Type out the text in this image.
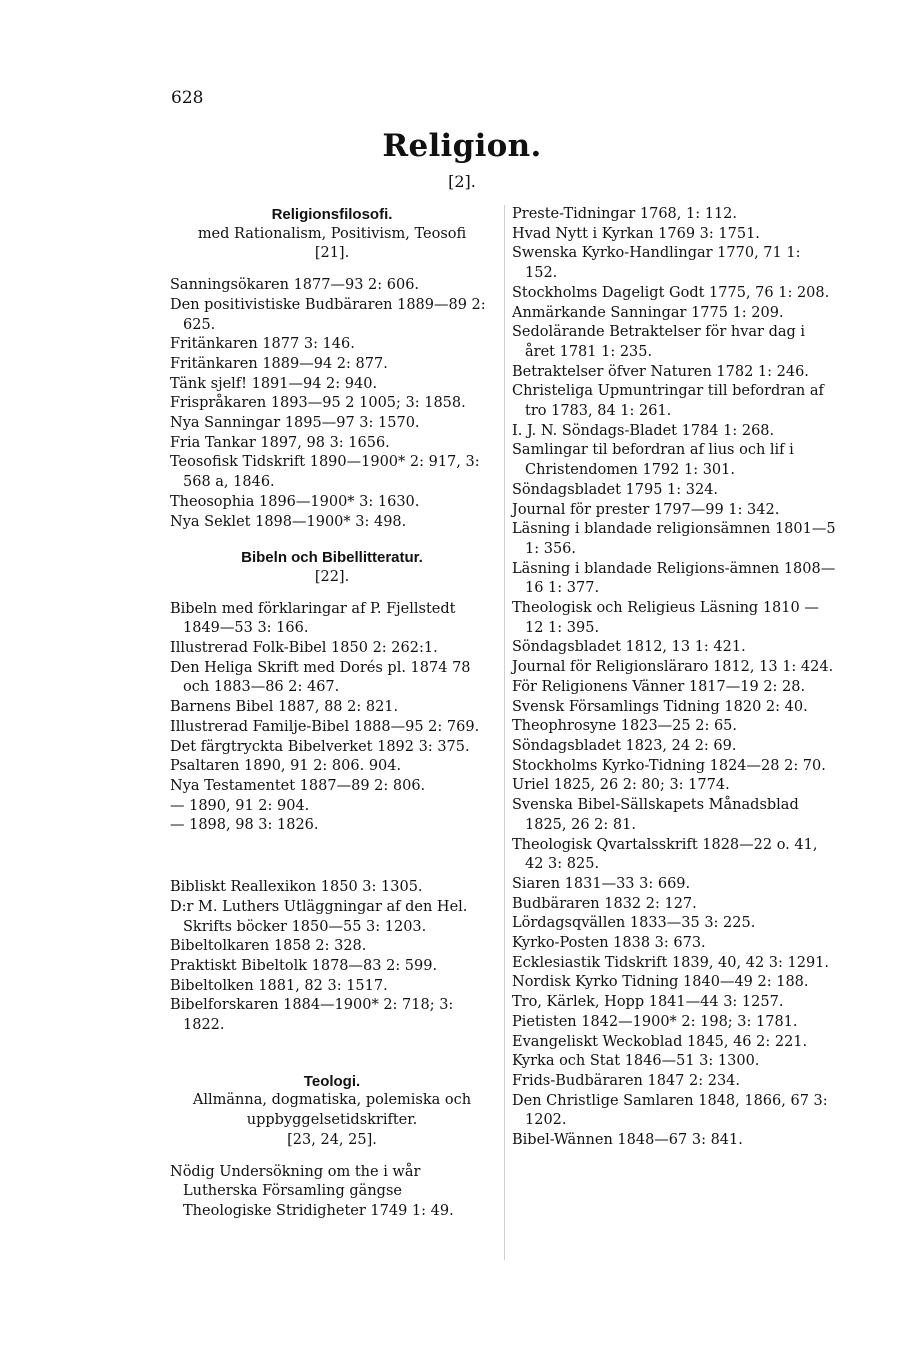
628
Religion.
[2].

Religionsfilosofi.

med Rationalism, Positivism, Teosofi

[21].

Sanningsökaren 1877—93 2: 606.

Den positivistiske Budbäraren 1889—89 2: 625.

Fritänkaren 1877 3: 146.

Fritänkaren 1889—94 2: 877.

Tänk sjelf! 1891—94 2: 940.

Frispråkaren 1893—95 2 1005; 3: 1858.

Nya Sanningar 1895—97 3: 1570.

Fria Tankar 1897, 98 3: 1656.

Teosofisk Tidskrift 1890—1900* 2: 917, 3: 568 a, 1846.

Theosophia 1896—1900* 3: 1630.

Nya Seklet 1898—1900* 3: 498.

Bibeln och Bibellitteratur.

[22].

Bibeln med förklaringar af P. Fjellstedt 1849—53 3: 166.

Illustrerad Folk-Bibel 1850 2: 262:1.

Den Heliga Skrift med Dorés pl. 1874 78 och 1883—86 2: 467.

Barnens Bibel 1887, 88 2: 821.

Illustrerad Familje-Bibel 1888—95 2: 769.

Det färgtryckta Bibelverket 1892 3: 375.

Psaltaren 1890, 91 2: 806. 904.

Nya Testamentet 1887—89 2: 806.

— 1890, 91 2: 904.

— 1898, 98 3: 1826.

Bibliskt Reallexikon 1850 3: 1305.

D:r M. Luthers Utläggningar af den Hel. Skrifts böcker 1850—55 3: 1203.

Bibeltolkaren 1858 2: 328.

Praktiskt Bibeltolk 1878—83 2: 599.

Bibeltolken 1881, 82 3: 1517.

Bibelforskaren 1884—1900* 2: 718; 3: 1822.

Teologi.

Allmänna, dogmatiska, polemiska och uppbyggelsetidskrifter.

[23, 24, 25].

Nödig Undersökning om the i wår Lutherska Församling gängse Theologiske Stridigheter 1749 1: 49.

Preste-Tidningar 1768, 1: 112.

Hvad Nytt i Kyrkan 1769 3: 1751.

Swenska Kyrko-Handlingar 1770, 71 1: 152.

Stockholms Dageligt Godt 1775, 76 1: 208.

Anmärkande Sanningar 1775 1: 209.

Sedolärande Betraktelser för hvar dag i året 1781 1: 235.

Betraktelser öfver Naturen 1782 1: 246.

Christeliga Upmuntringar till befordran af tro 1783, 84 1: 261.

I. J. N. Söndags-Bladet 1784 1: 268.

Samlingar til befordran af lius och lif i Christendomen 1792 1: 301.

Söndagsbladet 1795 1: 324.

Journal för prester 1797—99 1: 342.

Läsning i blandade religionsämnen 1801—5 1: 356.

Läsning i blandade Religions-ämnen 1808—16 1: 377.

Theologisk och Religieus Läsning 1810 —12 1: 395.

Söndagsbladet 1812, 13 1: 421.

Journal för Religionsläraro 1812, 13 1: 424.

För Religionens Vänner 1817—19 2: 28.

Svensk Församlings Tidning 1820 2: 40.

Theophrosyne 1823—25 2: 65.

Söndagsbladet 1823, 24 2: 69.

Stockholms Kyrko-Tidning 1824—28 2: 70.

Uriel 1825, 26 2: 80; 3: 1774.

Svenska Bibel-Sällskapets Månadsblad 1825, 26 2: 81.

Theologisk Qvartalsskrift 1828—22 o. 41, 42 3: 825.

Siaren 1831—33 3: 669.

Budbäraren 1832 2: 127.

Lördagsqvällen 1833—35 3: 225.

Kyrko-Posten 1838 3: 673.

Ecklesiastik Tidskrift 1839, 40, 42 3: 1291.

Nordisk Kyrko Tidning 1840—49 2: 188.

Tro, Kärlek, Hopp 1841—44 3: 1257.

Pietisten 1842—1900* 2: 198; 3: 1781.

Evangeliskt Weckoblad 1845, 46 2: 221.

Kyrka och Stat 1846—51 3: 1300.

Frids-Budbäraren 1847 2: 234.

Den Christlige Samlaren 1848, 1866, 67 3: 1202.

Bibel-Wännen 1848—67 3: 841.
